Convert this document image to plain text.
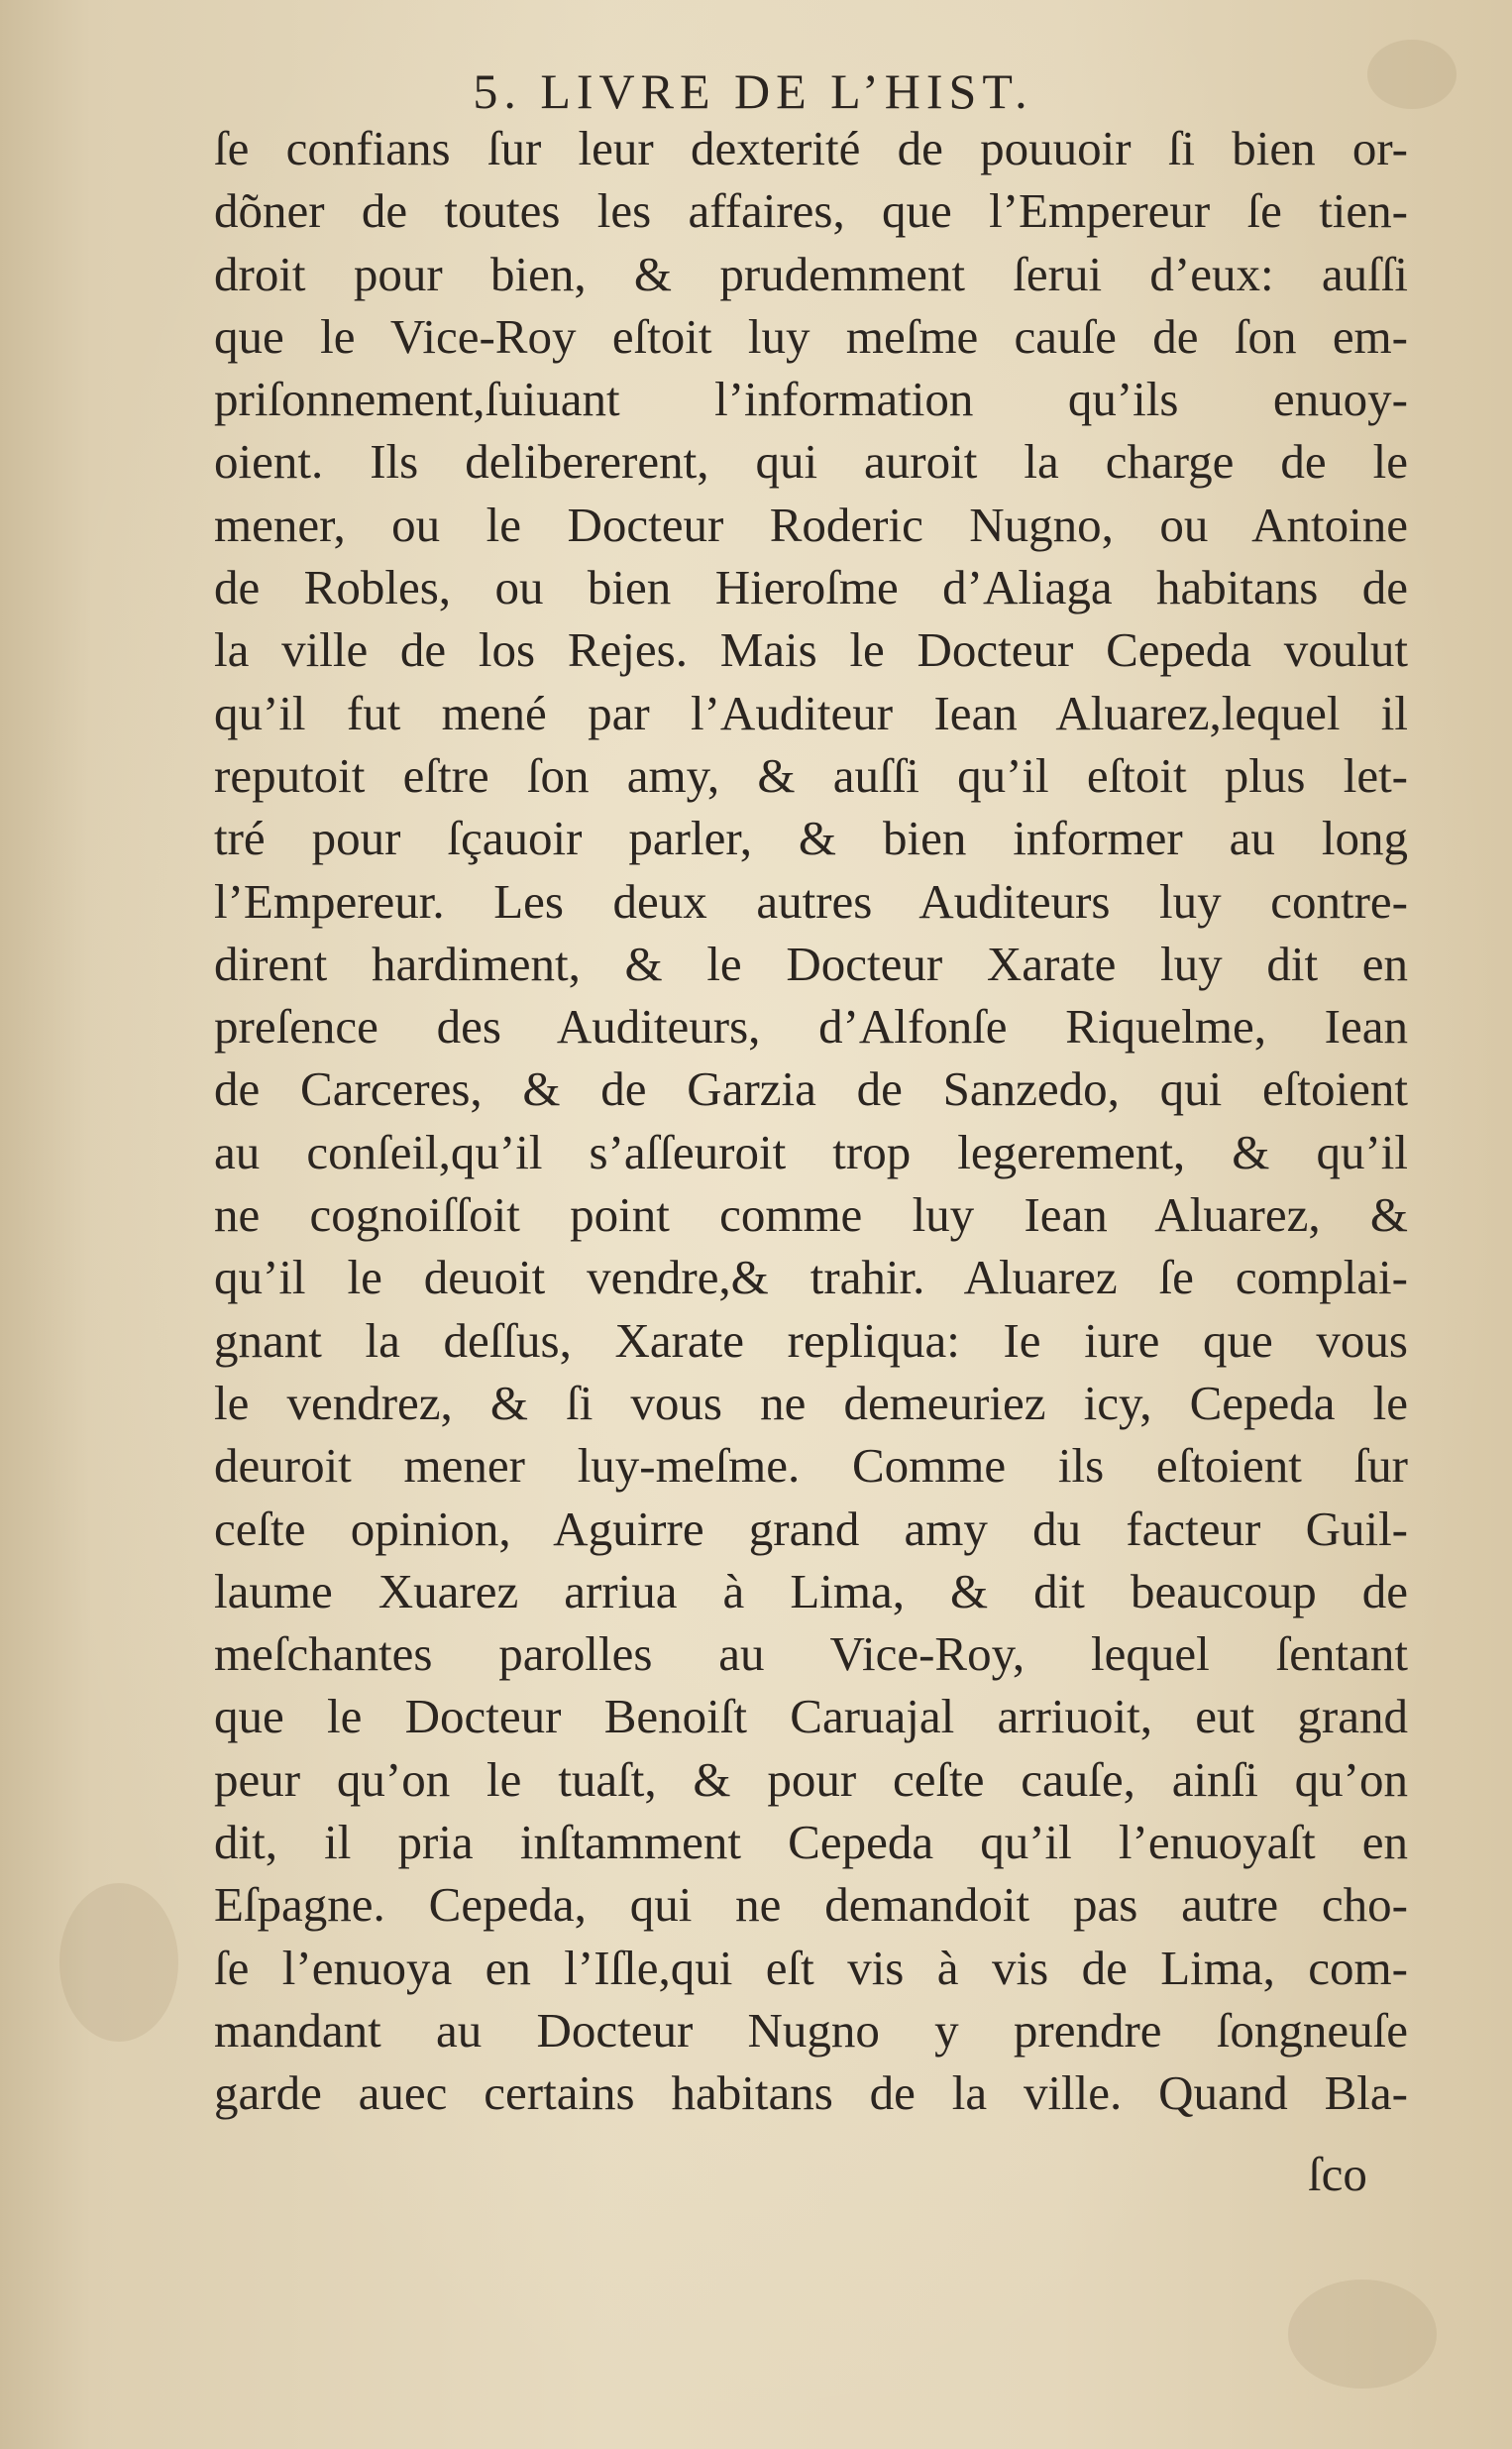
5. LIVRE DE L’HIST.
ſe confians ſur leur dexterité de pouuoir ſi bien or-
dõner de toutes les affaires, que l’Empereur ſe tien-
droit pour bien, & prudemment ſerui d’eux: auſſi
que le Vice-Roy eſtoit luy meſme cauſe de ſon em-
priſonnement,ſuiuant l’information qu’ils enuoy-
oient. Ils delibererent, qui auroit la charge de le
mener, ou le Docteur Roderic Nugno, ou Antoine
de Robles, ou bien Hieroſme d’Aliaga habitans de
la ville de los Rejes. Mais le Docteur Cepeda voulut
qu’il fut mené par l’Auditeur Iean Aluarez,lequel il
reputoit eſtre ſon amy, & auſſi qu’il eſtoit plus let-
tré pour ſçauoir parler, & bien informer au long
l’Empereur. Les deux autres Auditeurs luy contre-
dirent hardiment, & le Docteur Xarate luy dit en
preſence des Auditeurs, d’Alfonſe Riquelme, Iean
de Carceres, & de Garzia de Sanzedo, qui eſtoient
au conſeil,qu’il s’aſſeuroit trop legerement, & qu’il
ne cognoiſſoit point comme luy Iean Aluarez, &
qu’il le deuoit vendre,& trahir. Aluarez ſe complai-
gnant la deſſus, Xarate repliqua: Ie iure que vous
le vendrez, & ſi vous ne demeuriez icy, Cepeda le
deuroit mener luy-meſme. Comme ils eſtoient ſur
ceſte opinion, Aguirre grand amy du facteur Guil-
laume Xuarez arriua à Lima, & dit beaucoup de
meſchantes parolles au Vice-Roy, lequel ſentant
que le Docteur Benoiſt Caruajal arriuoit, eut grand
peur qu’on le tuaſt, & pour ceſte cauſe, ainſi qu’on
dit, il pria inſtamment Cepeda qu’il l’enuoyaſt en
Eſpagne. Cepeda, qui ne demandoit pas autre cho-
ſe l’enuoya en l’Iſle,qui eſt vis à vis de Lima, com-
mandant au Docteur Nugno y prendre ſongneuſe
garde auec certains habitans de la ville. Quand Bla-
ſco
